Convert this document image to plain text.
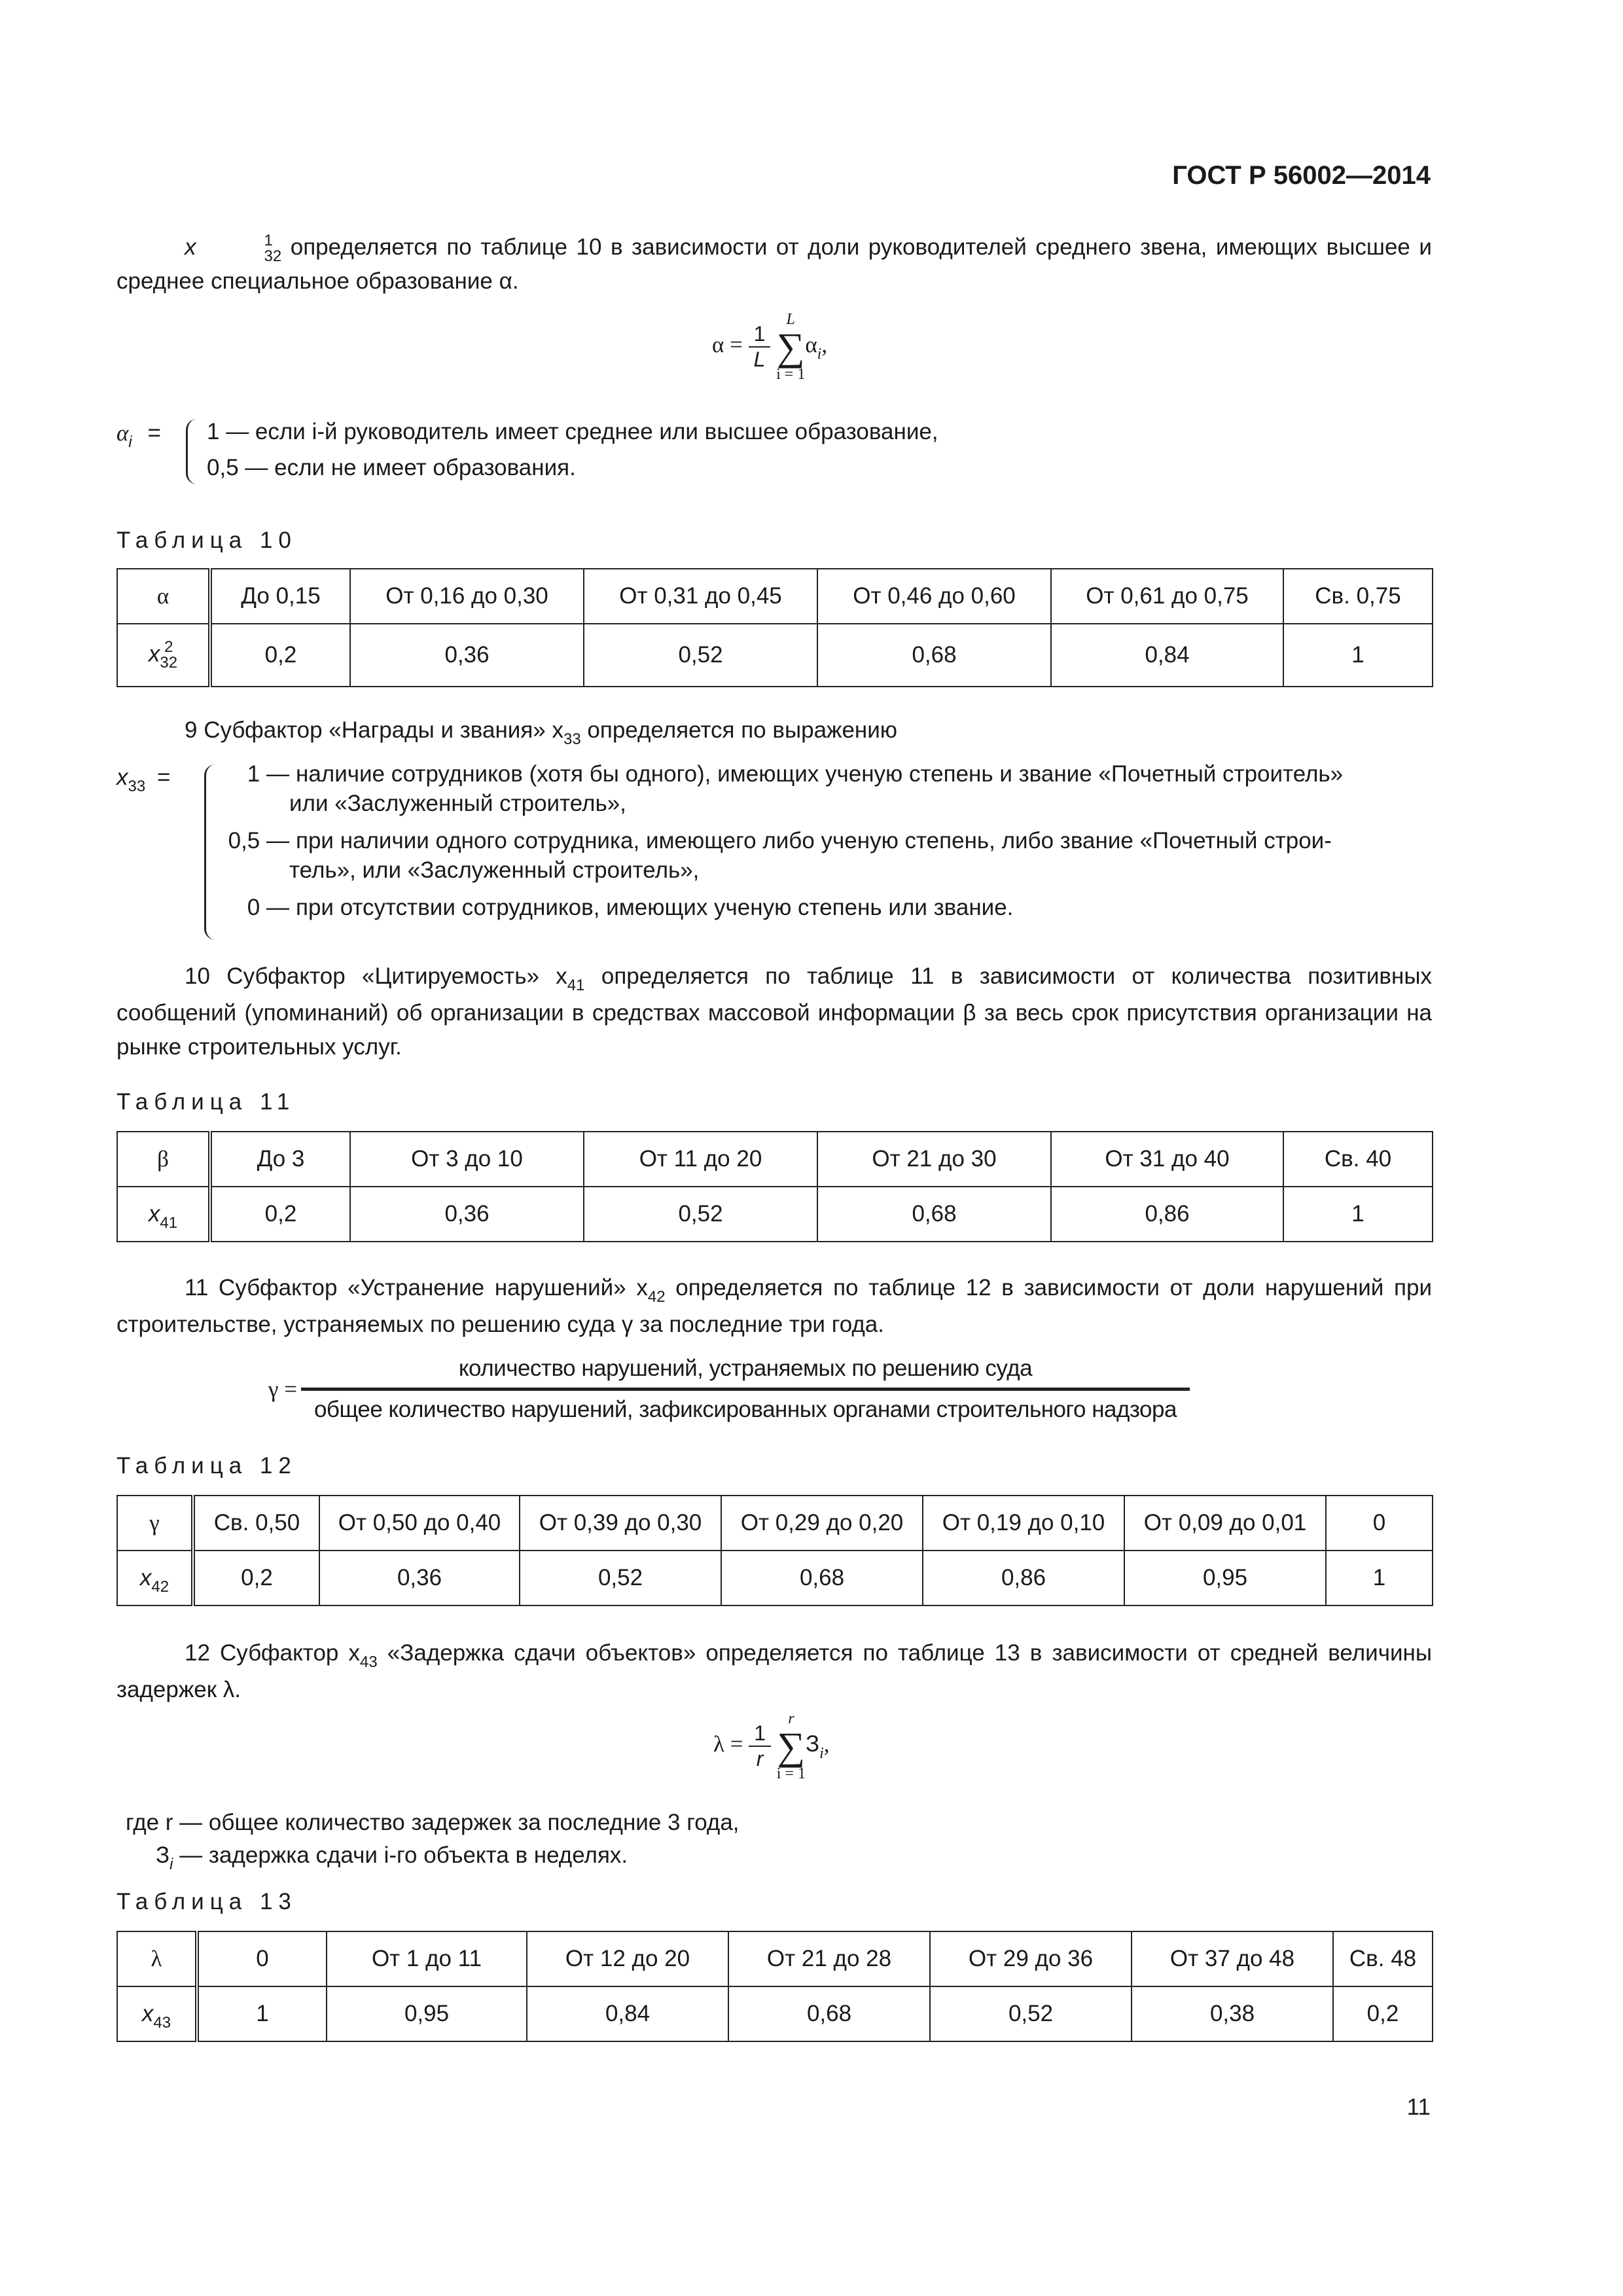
ГОСТ Р 56002—2014
x	1
32 определяется по таблице 10 в зависимости от доли руководителей среднего звена, имеющих высшее и среднее специальное образование α.
$\alpha = \frac{1}{L}$

L
∑
i = 1
$\alpha_i$,
$\alpha_i = 1$ — если i-й руководитель имеет среднее или высшее образование,
0,5 — если не имеет образования.
Таблица 10
α	До 0,15	От 0,16 до 0,30	От 0,31 до 0,45	От 0,46 до 0,60	От 0,61 до 0,75	Св. 0,75
x 2
32	0,2	0,36	0,52	0,68	0,84	1
9 Субфактор «Награды и звания» $x_{33}$ определяется по выражению
$x_{33}$ =	1 — наличие сотрудников (хотя бы одного), имеющих ученую степень и звание «Почетный строитель»
или «Заслуженный строитель»,
0,5 — при наличии одного сотрудника, имеющего либо ученую степень, либо звание «Почетный строи-
тель», или «Заслуженный строитель»,
0 — при отсутствии сотрудников, имеющих ученую степень или звание.
10 Субфактор «Цитируемость» $x_{41}$ определяется по таблице 11 в зависимости от количества позитивных сообщений (упоминаний) об организации в средствах массовой информации β за весь срок присутствия организации на рынке строительных услуг.
Таблица 11
β	До 3	От 3 до 10	От 11 до 20	От 21 до 30	От 31 до 40	Св. 40
$x_{41}$	0,2	0,36	0,52	0,68	0,86	1
11 Субфактор «Устранение нарушений» $x_{42}$ определяется по таблице 12 в зависимости от доли нарушений при строительстве, устраняемых по решению суда γ за последние три года.
γ =
количество нарушений, устраняемых по решению суда
общее количество нарушений, зафиксированных органами строительного надзора
Таблица 12
γ	Св. 0,50	От 0,50 до 0,40	От 0,39 до 0,30	От 0,29 до 0,20	От 0,19 до 0,10	От 0,09 до 0,01	0
$x_{42}$	0,2	0,36	0,52	0,68	0,86	0,95	1
12 Субфактор $x_{43}$ «Задержка сдачи объектов» определяется по таблице 13 в зависимости от средней величины задержек λ.
$\lambda = \frac{1}{r}$

r
∑
i = 1
$З_i$,
где r — общее количество задержек за последние 3 года,
$З_i$ — задержка сдачи i-го объекта в неделях.
Таблица 13
λ	0	От 1 до 11	От 12 до 20	От 21 до 28	От 29 до 36	От 37 до 48	Св. 48
$x_{43}$	1	0,95	0,84	0,68	0,52	0,38	0,2
11
